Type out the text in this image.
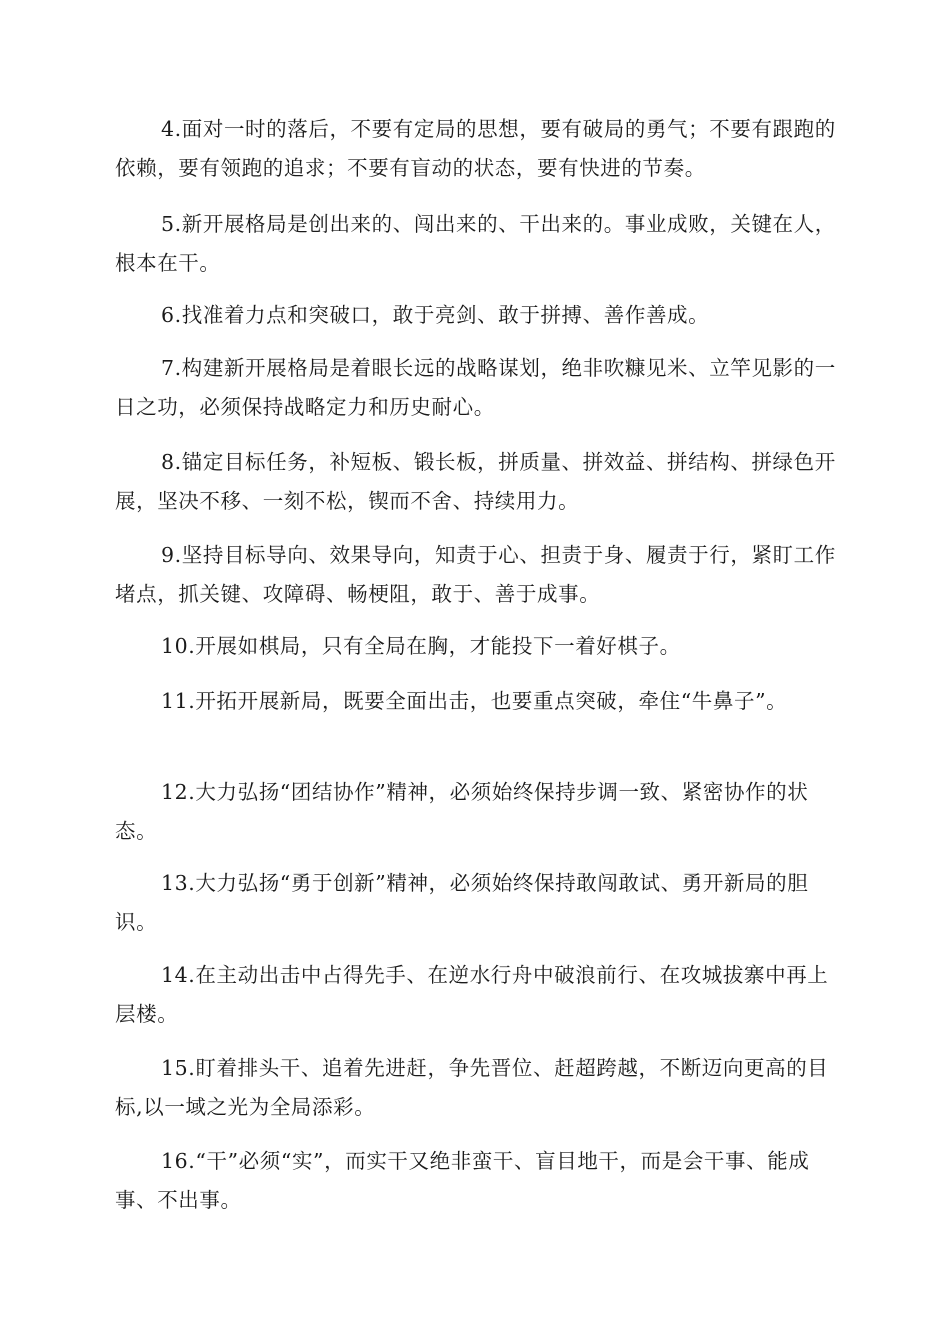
4.面对一时的落后，不要有定局的思想，要有破局的勇气；不要有跟跑的依赖，要有领跑的追求；不要有盲动的状态，要有快进的节奏。

5.新开展格局是创出来的、闯出来的、干出来的。事业成败，关键在人，根本在干。

6.找准着力点和突破口，敢于亮剑、敢于拼搏、善作善成。

7.构建新开展格局是着眼长远的战略谋划，绝非吹糠见米、立竿见影的一日之功，必须保持战略定力和历史耐心。

8.锚定目标任务，补短板、锻长板，拼质量、拼效益、拼结构、拼绿色开展，坚决不移、一刻不松，锲而不舍、持续用力。

9.坚持目标导向、效果导向，知责于心、担责于身、履责于行，紧盯工作堵点，抓关键、攻障碍、畅梗阻，敢于、善于成事。

10.开展如棋局，只有全局在胸，才能投下一着好棋子。

11.开拓开展新局，既要全面出击，也要重点突破，牵住“牛鼻子”。

12.大力弘扬“团结协作”精神，必须始终保持步调一致、紧密协作的状态。

13.大力弘扬“勇于创新”精神，必须始终保持敢闯敢试、勇开新局的胆识。

14.在主动出击中占得先手、在逆水行舟中破浪前行、在攻城拔寨中再上层楼。

15.盯着排头干、追着先进赶，争先晋位、赶超跨越，不断迈向更高的目标,以一域之光为全局添彩。

16.“干”必须“实”，而实干又绝非蛮干、盲目地干，而是会干事、能成事、不出事。
